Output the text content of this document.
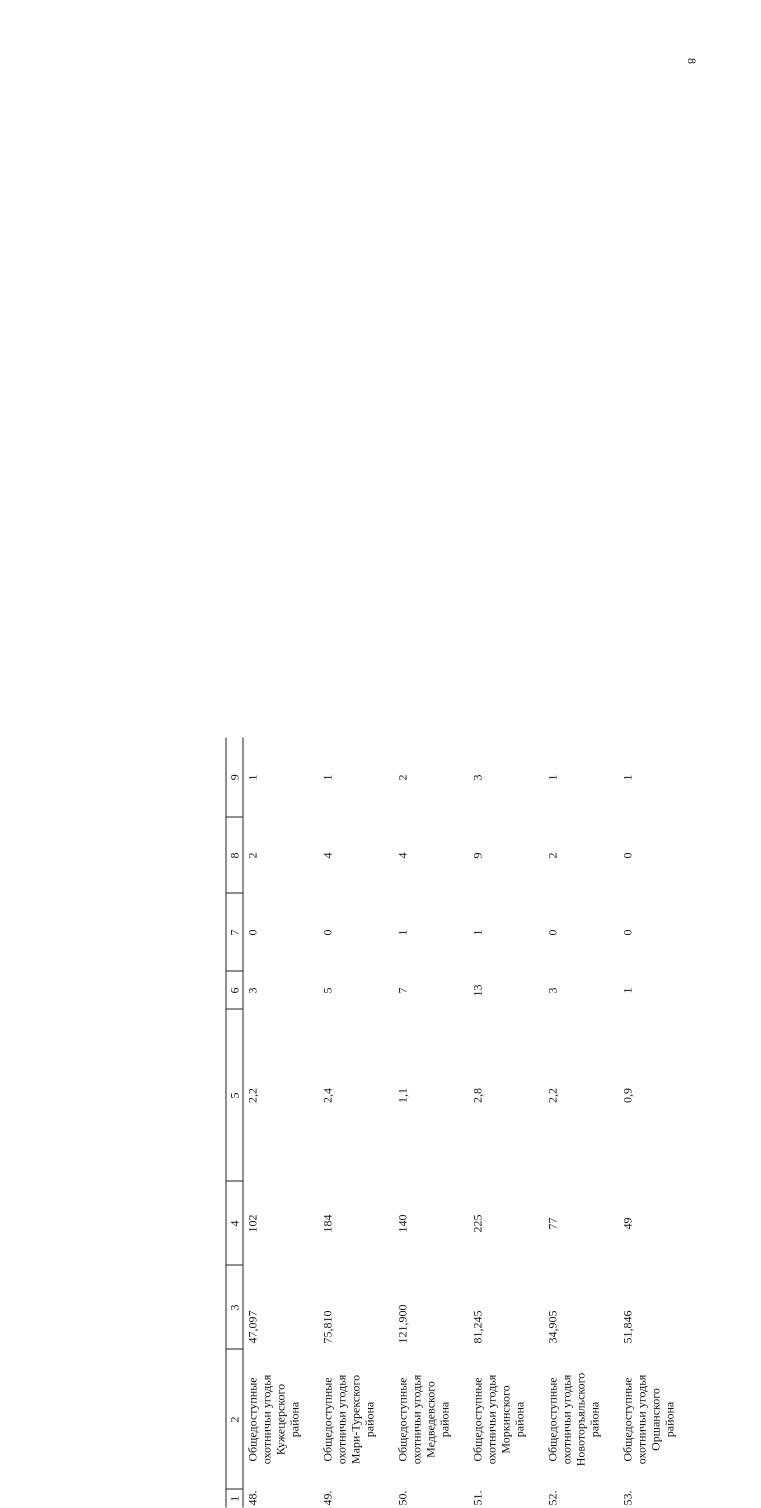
8
1	2	3	4	5	6	7	8	9
48.	Общедоступные
охотничьи угодья
Кужецерского
района	47,097	102	2,2	3	0	2	1
49.	Общедоступные
охотничьи угодья
Мари-Турекского
района	75,810	184	2,4	5	0	4	1
50.	Общедоступные
охотничьи угодья
Медведевского
района	121,900	140	1,1	7	1	4	2
51.	Общедоступные
охотничьи угодья
Моркинского
района	81,245	225	2,8	13	1	9	3
52.	Общедоступные
охотничьи угодья
Новоторъяльского
района	34,905	77	2,2	3	0	2	1
53.	Общедоступные
охотничьи угодья
Оршанского
района	51,846	49	0,9	1	0	0	1
